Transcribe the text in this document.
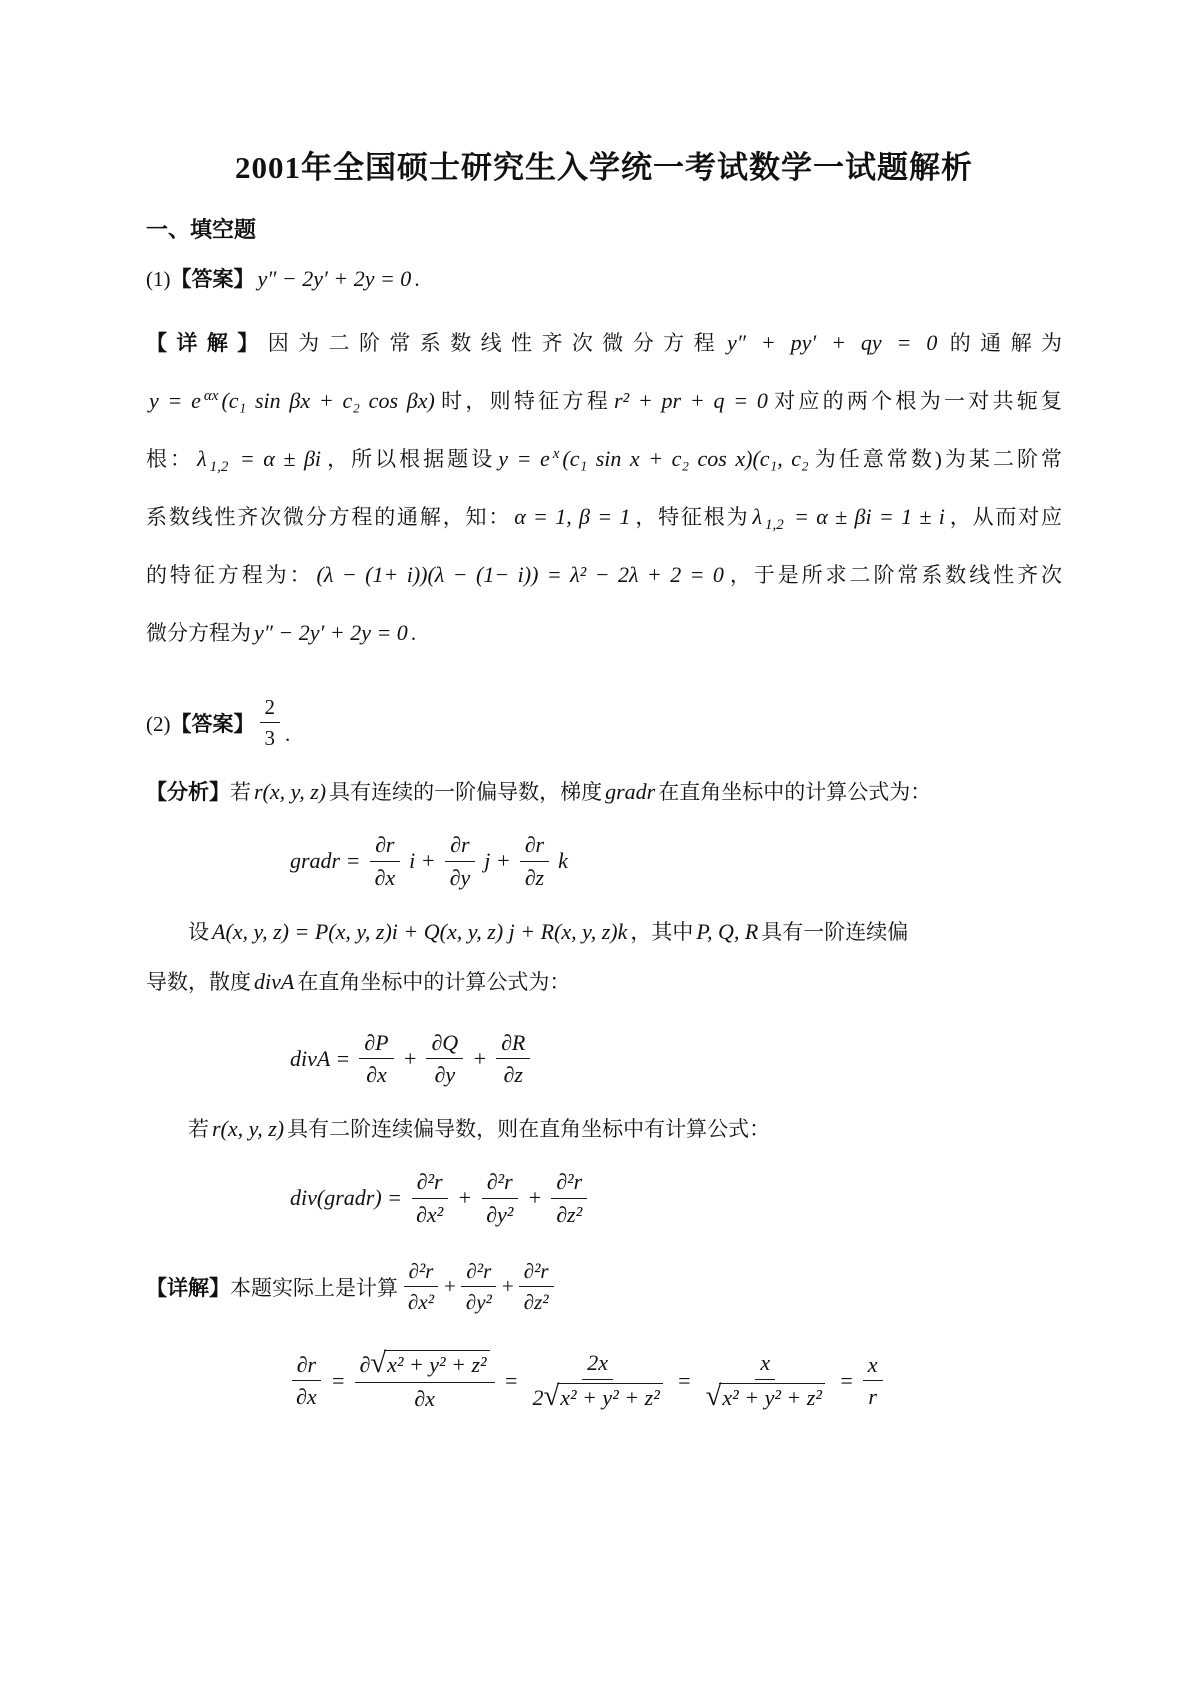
2001年全国硕士研究生入学统一考试数学一试题解析
一、填空题
(1)【答案】 y″ − 2y′ + 2y = 0 .
【详解】因为二阶常系数线性齐次微分方程 y″ + py′ + qy = 0 的通解为
y = e $^{\alpha x}$ (c₁ sin βx + c₂ cos βx) 时，则特征方程 r² + pr + q = 0 对应的两个根为一对共轭复
根： λ $_{1,2}$ = α ± βi ，所以根据题设 y = e $^x$ (c₁ sin x + c₂ cos x)(c₁, c₂ 为任意常数)为某二阶常
系数线性齐次微分方程的通解，知： α = 1, β = 1 ，特征根为 λ $_{1,2}$ = α ± βi = 1 ± i ，从而对应
的特征方程为： (λ − (1+ i))(λ − (1− i)) = λ² − 2λ + 2 = 0 ，于是所求二阶常系数线性齐次
微分方程为 y″ − 2y′ + 2y = 0 .
(2)【答案】 $\frac{2}{3}$ .
【分析】若 r(x, y, z) 具有连续的一阶偏导数，梯度 gradr 在直角坐标中的计算公式为：
gradr = $\frac{\partial r}{\partial x}$ $i + \frac{\partial r}{\partial y}$ $j + \frac{\partial r}{\partial z}$ k
设 A(x, y, z) = P(x, y, z)i + Q(x, y, z) j + R(x, y, z)k ，其中 P, Q, R 具有一阶连续偏
导数，散度 divA 在直角坐标中的计算公式为：
divA = $\frac{\partial P}{\partial x} + \frac{\partial Q}{\partial y} + \frac{\partial R}{\partial z}$
若 r(x, y, z) 具有二阶连续偏导数，则在直角坐标中有计算公式：
div(gradr) = $\frac{\text{∂²r}}{\text{∂x²}} + \frac{\text{∂²r}}{\text{∂y²}} + \frac{\text{∂²r}}{\text{∂z²}}$
【详解】本题实际上是计算 $\frac{\text{∂²r}}{\text{∂x²}} + \frac{\text{∂²r}}{\text{∂y²}} + \frac{\text{∂²r}}{\text{∂z²}}$
$\frac{\partial r}{\partial x} = \frac{\text{∂ √ x² + y² + z²}}{\partial x} = \frac{2x}{\text{2 √ x² + y² + z²}} = x$
√ $x^2 + y^2 + z^2 = \frac{x}{r}$
